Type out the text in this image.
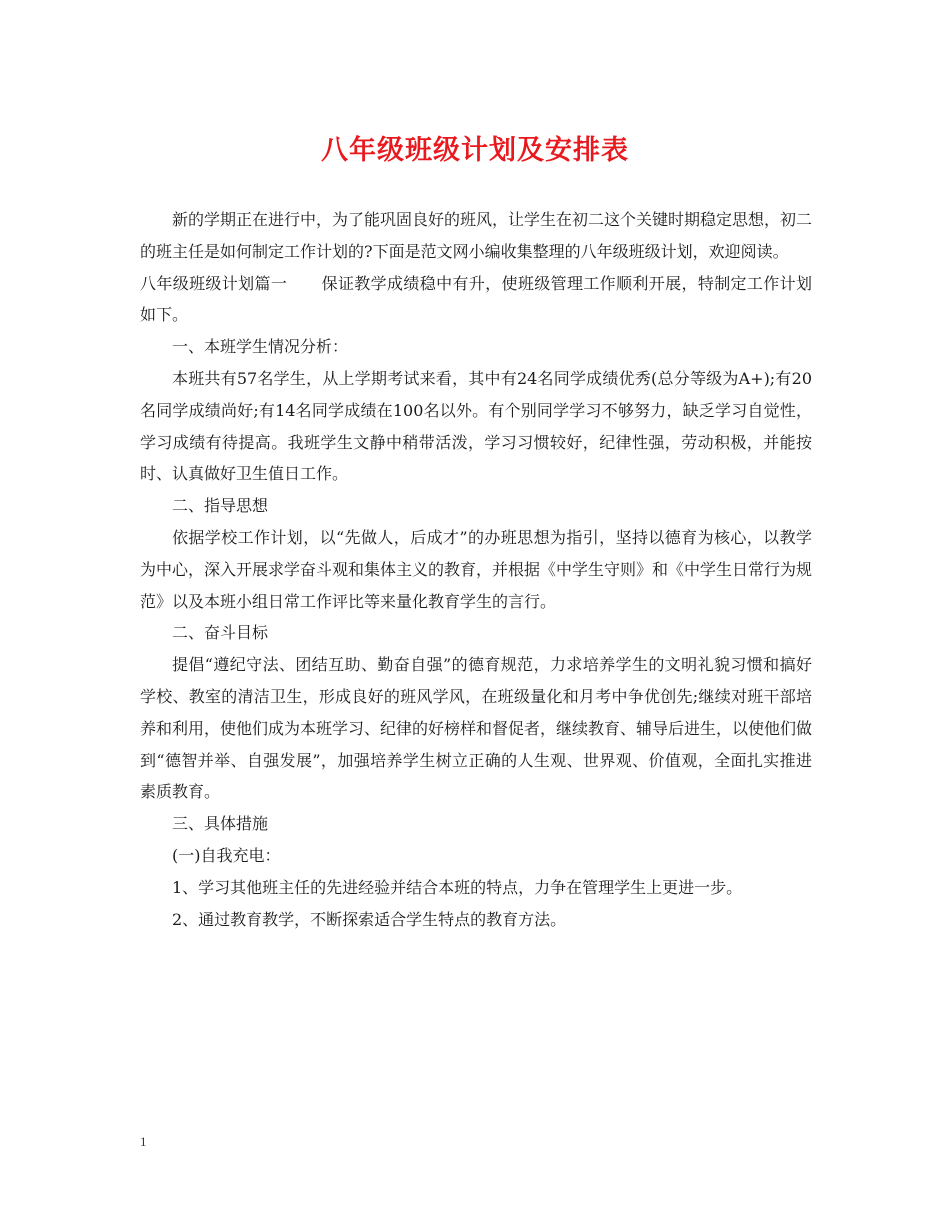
八年级班级计划及安排表

新的学期正在进行中，为了能巩固良好的班风，让学生在初二这个关键时期稳定思想，初二的班主任是如何制定工作计划的?下面是范文网小编收集整理的八年级班级计划，欢迎阅读。

八年级班级计划篇一 保证教学成绩稳中有升，使班级管理工作顺利开展，特制定工作计划如下。

一、本班学生情况分析：

本班共有57名学生，从上学期考试来看，其中有24名同学成绩优秀(总分等级为A+);有20名同学成绩尚好;有14名同学成绩在100名以外。有个别同学学习不够努力，缺乏学习自觉性，学习成绩有待提高。我班学生文静中稍带活泼，学习习惯较好，纪律性强，劳动积极，并能按时、认真做好卫生值日工作。

二、指导思想

依据学校工作计划，以“先做人，后成才”的办班思想为指引，坚持以德育为核心，以教学为中心，深入开展求学奋斗观和集体主义的教育，并根据《中学生守则》和《中学生日常行为规范》以及本班小组日常工作评比等来量化教育学生的言行。

二、奋斗目标

提倡“遵纪守法、团结互助、勤奋自强”的德育规范，力求培养学生的文明礼貌习惯和搞好学校、教室的清洁卫生，形成良好的班风学风，在班级量化和月考中争优创先;继续对班干部培养和利用，使他们成为本班学习、纪律的好榜样和督促者，继续教育、辅导后进生，以使他们做到“德智并举、自强发展”，加强培养学生树立正确的人生观、世界观、价值观，全面扎实推进素质教育。

三、具体措施

(一)自我充电：

1、学习其他班主任的先进经验并结合本班的特点，力争在管理学生上更进一步。

2、通过教育教学，不断探索适合学生特点的教育方法。

1
